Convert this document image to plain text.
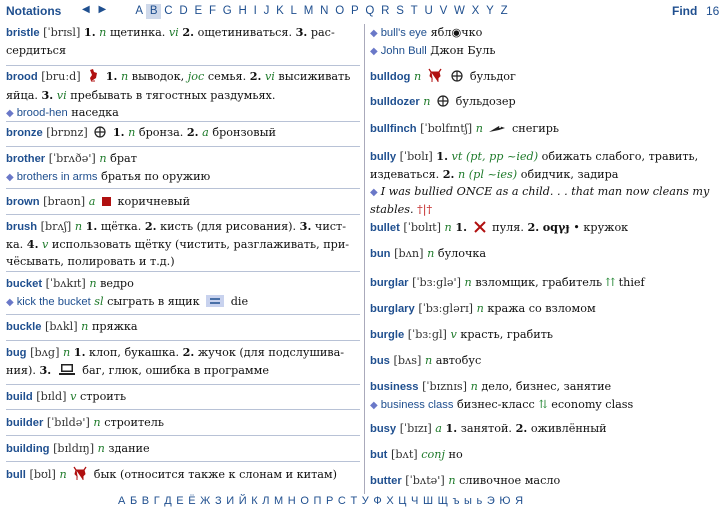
Notations ◀ ▶ A B C D E F G H I J K L M N O P Q R S T U V W X Y Z	Find 16
bristle [ˈbrɪsl] 1. n щетинка. vi 2. ощетиниваться. 3. рас-сердиться
brood [bruːd] 1. n выводок, joc семья. 2. vi высиживать яйца. 3. vi пребывать в тягостных раздумьях.
◆ brood-hen наседка
bronze [brɒnz] 1. n бронза. 2. a бронзовый
brother [ˈbrʌðə'] n брат
◆ brothers in arms братья по оружию
brown [braʊn] a коричневый
brush [brʌʃ] n 1. щётка. 2. кисть (для рисования). 3. чист-ка. 4. v использовать щётку (чистить, разглаживать, при-чёсывать, полировать и т.д.)
bucket [ˈbʌkɪt] n ведро
◆ kick the bucket sl сыграть в ящик	die
buckle [bʌkl] n пряжка
bug [bʌg] n 1. клоп, букашка. 2. жучок (для подслушива-ния). 3.	баг, глюк, ошибка в программе
build [bɪld] v строить
builder [ˈbɪldə'] n строитель
building [bɪldɪŋ] n здание
bull [bʊl] n бык (относится также к слонам и китам)
◆ bull's eye ябл◉чко
◆ John Bull Джон Буль
bulldog n	бульдог
bulldozer n бульдозер
bullfinch [ˈbʊlfɪntʃ] n	снегирь
bully [ˈbʊlɪ] 1. vt (pt, pp ~ied) обижать слабого, травить, издеваться. 2. n (pl ~ies) обидчик, задира
◆ I was bullied ONCE as a child. . . that man now cleans my stables. †|†
bullet [ˈbʊlɪt] n 1. пуля. 2. оqγɟ • кружок
bun [bʌn] n булочка
burglar [ˈbɜːglə'] n взломщик, грабитель ⇈ thief
burglary [ˈbɜːglərɪ] n кража со взломом
burgle [ˈbɜːgl] v красть, грабить
bus [bʌs] n автобус
business [ˈbɪznɪs] n дело, бизнес, занятие
◆ business class бизнес-класс ⇅ economy class
busy [ˈbɪzɪ] a 1. занятой. 2. оживлённый
but [bʌt] conj но
butter [ˈbʌtə'] n сливочное масло
А Б В Г Д Е Ё Ж З И Й К Л М Н О П Р С Т У Ф Х Ц Ч Ш Щ ъ ы ь Э Ю Я
